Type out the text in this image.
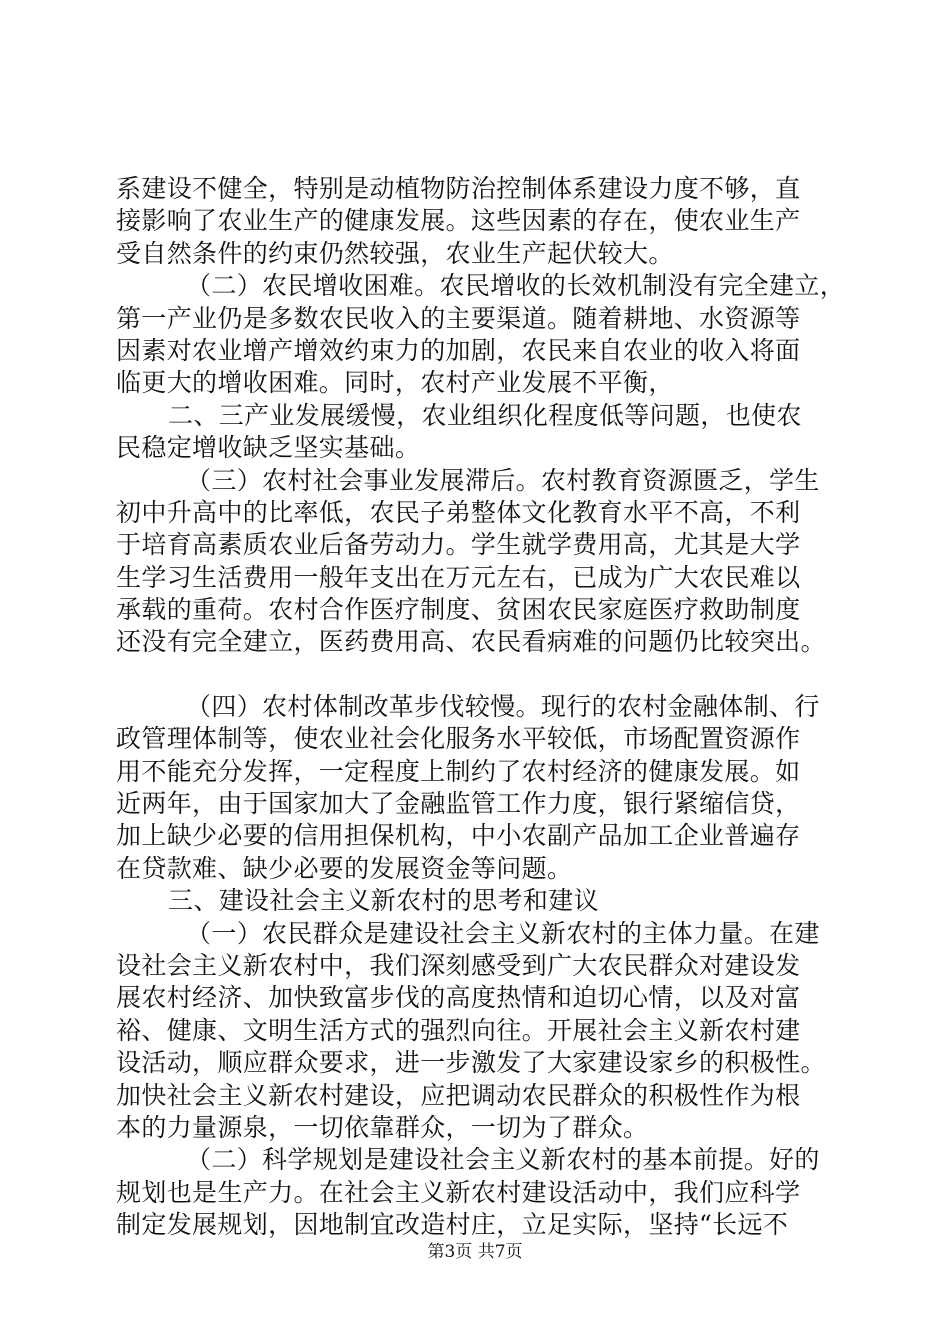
系建设不健全，特别是动植物防治控制体系建设力度不够，直
接影响了农业生产的健康发展。这些因素的存在，使农业生产
受自然条件的约束仍然较强，农业生产起伏较大。
（二）农民增收困难。农民增收的长效机制没有完全建立，
第一产业仍是多数农民收入的主要渠道。随着耕地、水资源等
因素对农业增产增效约束力的加剧，农民来自农业的收入将面
临更大的增收困难。同时，农村产业发展不平衡，
二、三产业发展缓慢，农业组织化程度低等问题，也使农
民稳定增收缺乏坚实基础。
（三）农村社会事业发展滞后。农村教育资源匮乏，学生
初中升高中的比率低，农民子弟整体文化教育水平不高，不利
于培育高素质农业后备劳动力。学生就学费用高，尤其是大学
生学习生活费用一般年支出在万元左右，已成为广大农民难以
承载的重荷。农村合作医疗制度、贫困农民家庭医疗救助制度
还没有完全建立，医药费用高、农民看病难的问题仍比较突出。
（四）农村体制改革步伐较慢。现行的农村金融体制、行
政管理体制等，使农业社会化服务水平较低，市场配置资源作
用不能充分发挥，一定程度上制约了农村经济的健康发展。如
近两年，由于国家加大了金融监管工作力度，银行紧缩信贷，
加上缺少必要的信用担保机构，中小农副产品加工企业普遍存
在贷款难、缺少必要的发展资金等问题。
三、建设社会主义新农村的思考和建议
（一）农民群众是建设社会主义新农村的主体力量。在建
设社会主义新农村中，我们深刻感受到广大农民群众对建设发
展农村经济、加快致富步伐的高度热情和迫切心情，以及对富
裕、健康、文明生活方式的强烈向往。开展社会主义新农村建
设活动，顺应群众要求，进一步激发了大家建设家乡的积极性。
加快社会主义新农村建设，应把调动农民群众的积极性作为根
本的力量源泉，一切依靠群众，一切为了群众。
（二）科学规划是建设社会主义新农村的基本前提。好的
规划也是生产力。在社会主义新农村建设活动中，我们应科学
制定发展规划，因地制宜改造村庄，立足实际，坚持“长远不
第3页 共7页
